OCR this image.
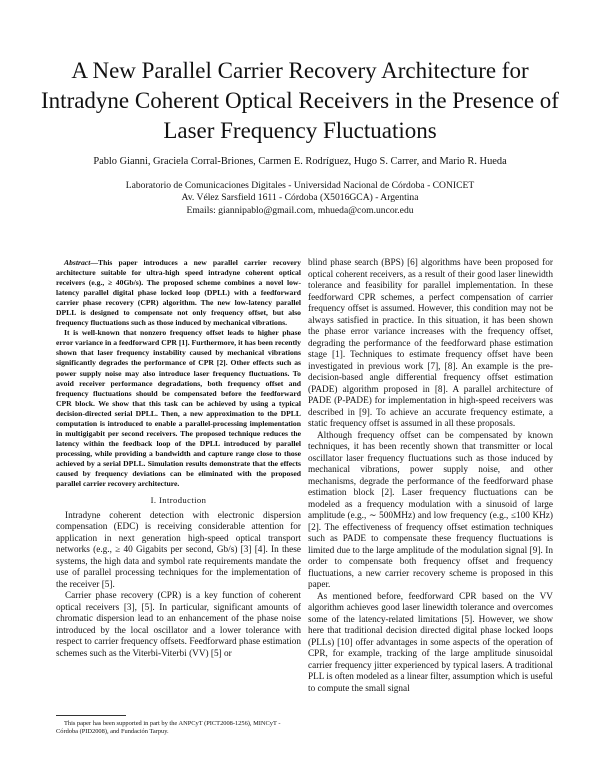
A New Parallel Carrier Recovery Architecture for Intradyne Coherent Optical Receivers in the Presence of Laser Frequency Fluctuations
Pablo Gianni, Graciela Corral-Briones, Carmen E. Rodríguez, Hugo S. Carrer, and Mario R. Hueda
Laboratorio de Comunicaciones Digitales - Universidad Nacional de Córdoba - CONICET
Av. Vélez Sarsfield 1611 - Córdoba (X5016GCA) - Argentina
Emails: giannipablo@gmail.com, mhueda@com.uncor.edu

Abstract—This paper introduces a new parallel carrier recovery architecture suitable for ultra-high speed intradyne coherent optical receivers (e.g., ≥ 40Gb/s). The proposed scheme combines a novel low-latency parallel digital phase locked loop (DPLL) with a feedforward carrier phase recovery (CPR) algorithm. The new low-latency parallel DPLL is designed to compensate not only frequency offset, but also frequency fluctuations such as those induced by mechanical vibrations.

It is well-known that nonzero frequency offset leads to higher phase error variance in a feedforward CPR [1]. Furthermore, it has been recently shown that laser frequency instability caused by mechanical vibrations significantly degrades the performance of CPR [2]. Other effects such as power supply noise may also introduce laser frequency fluctuations. To avoid receiver performance degradations, both frequency offset and frequency fluctuations should be compensated before the feedforward CPR block. We show that this task can be achieved by using a typical decision-directed serial DPLL. Then, a new approximation to the DPLL computation is introduced to enable a parallel-processing implementation in multigigabit per second receivers. The proposed technique reduces the latency within the feedback loop of the DPLL introduced by parallel processing, while providing a bandwidth and capture range close to those achieved by a serial DPLL. Simulation results demonstrate that the effects caused by frequency deviations can be eliminated with the proposed parallel carrier recovery architecture.

I. Introduction

Intradyne coherent detection with electronic dispersion compensation (EDC) is receiving considerable attention for application in next generation high-speed optical transport networks (e.g., ≥ 40 Gigabits per second, Gb/s) [3] [4]. In these systems, the high data and symbol rate requirements mandate the use of parallel processing techniques for the implementation of the receiver [5].

Carrier phase recovery (CPR) is a key function of coherent optical receivers [3], [5]. In particular, significant amounts of chromatic dispersion lead to an enhancement of the phase noise introduced by the local oscillator and a lower tolerance with respect to carrier frequency offsets. Feedforward phase estimation schemes such as the Viterbi-Viterbi (VV) [5] or

This paper has been supported in part by the ANPCyT (PICT2008-1256), MINCyT - Córdoba (PID2008), and Fundación Tarpuy.

blind phase search (BPS) [6] algorithms have been proposed for optical coherent receivers, as a result of their good laser linewidth tolerance and feasibility for parallel implementation. In these feedforward CPR schemes, a perfect compensation of carrier frequency offset is assumed. However, this condition may not be always satisfied in practice. In this situation, it has been shown the phase error variance increases with the frequency offset, degrading the performance of the feedforward phase estimation stage [1]. Techniques to estimate frequency offset have been investigated in previous work [7], [8]. An example is the pre-decision-based angle differential frequency offset estimation (PADE) algorithm proposed in [8]. A parallel architecture of PADE (P-PADE) for implementation in high-speed receivers was described in [9]. To achieve an accurate frequency estimate, a static frequency offset is assumed in all these proposals.

Although frequency offset can be compensated by known techniques, it has been recently shown that transmitter or local oscillator laser frequency fluctuations such as those induced by mechanical vibrations, power supply noise, and other mechanisms, degrade the performance of the feedforward phase estimation block [2]. Laser frequency fluctuations can be modeled as a frequency modulation with a sinusoid of large amplitude (e.g., ∼ 500MHz) and low frequency (e.g., ≤100 KHz) [2]. The effectiveness of frequency offset estimation techniques such as PADE to compensate these frequency fluctuations is limited due to the large amplitude of the modulation signal [9]. In order to compensate both frequency offset and frequency fluctuations, a new carrier recovery scheme is proposed in this paper.

As mentioned before, feedforward CPR based on the VV algorithm achieves good laser linewidth tolerance and overcomes some of the latency-related limitations [5]. However, we show here that traditional decision directed digital phase locked loops (PLLs) [10] offer advantages in some aspects of the operation of CPR, for example, tracking of the large amplitude sinusoidal carrier frequency jitter experienced by typical lasers. A traditional PLL is often modeled as a linear filter, assumption which is useful to compute the small signal
